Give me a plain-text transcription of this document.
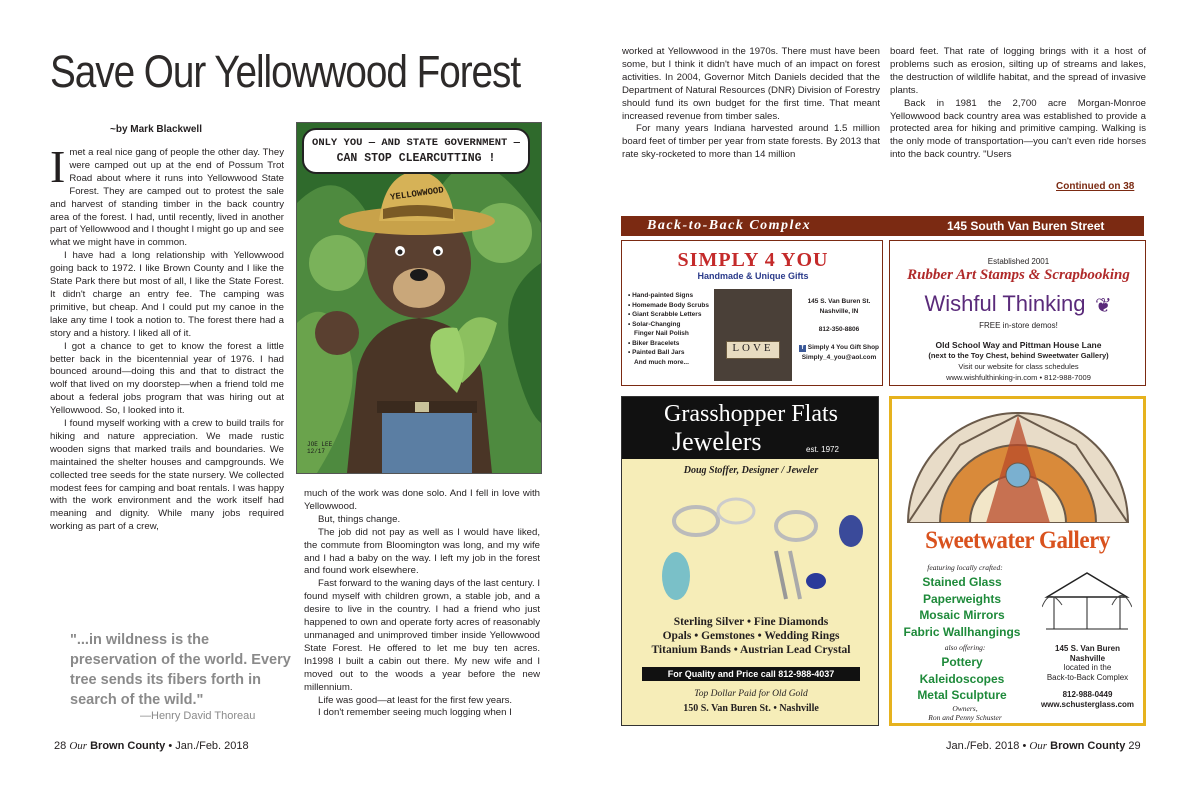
Save Our Yellowwood Forest
~by Mark Blackwell

Imet a real nice gang of people the other day. They were camped out up at the end of Possum Trot Road about where it runs into Yellowwood State Forest. They are camped out to protest the sale and harvest of standing timber in the back country area of the forest. I had, until recently, lived in another part of Yellowwood and I thought I might go up and see what we might have in common.

I have had a long relationship with Yellowwood going back to 1972. I like Brown County and I like the State Park there but most of all, I like the State Forest. It didn't charge an entry fee. The camping was primitive, but cheap. And I could put my canoe in the lake any time I took a notion to. The forest there had a story and a history. I liked all of it.

I got a chance to get to know the forest a little better back in the bicentennial year of 1976. I had bounced around—doing this and that to distract the wolf that lived on my doorstep—when a friend told me about a federal jobs program that was hiring out at Yellowwood. So, I looked into it.

I found myself working with a crew to build trails for hiking and nature appreciation. We made rustic wooden signs that marked trails and boundaries. We maintained the shelter houses and campgrounds. We collected tree seeds for the state nursery. We collected modest fees for camping and boat rentals. I was happy with the work environment and the work itself had meaning and dignity. While many jobs required working as part of a crew,

"...in wildness is the preservation of the world. Every tree sends its fibers forth in search of the wild."
—Henry David Thoreau
YELLOWWOOD
JOE LEE 12/17
ONLY YOU — AND STATE GOVERNMENT —
CAN STOP CLEARCUTTING !

much of the work was done solo. And I fell in love with Yellowwood.

But, things change.

The job did not pay as well as I would have liked, the commute from Bloomington was long, and my wife and I had a baby on the way. I left my job in the forest and found work elsewhere.

Fast forward to the waning days of the last century. I found myself with children grown, a stable job, and a desire to live in the country. I had a friend who just happened to own and operate forty acres of reasonably unmanaged and unimproved timber inside Yellowwood State Forest. He offered to let me buy ten acres. In1998 I built a cabin out there. My new wife and I moved out to the woods a year before the new millennium.

Life was good—at least for the first few years.

I don't remember seeing much logging when I

28 Our Brown County • Jan./Feb. 2018

worked at Yellowwood in the 1970s. There must have been some, but I think it didn't have much of an impact on forest activities. In 2004, Governor Mitch Daniels decided that the Department of Natural Resources (DNR) Division of Forestry should fund its own budget for the first time. That meant increased revenue from timber sales.

For many years Indiana harvested around 1.5 million board feet of timber per year from state forests. By 2013 that rate sky-rocketed to more than 14 million

board feet. That rate of logging brings with it a host of problems such as erosion, silting up of streams and lakes, the destruction of wildlife habitat, and the spread of invasive plants.

Back in 1981 the 2,700 acre Morgan-Monroe Yellowwood back country area was established to provide a protected area for hiking and primitive camping. Walking is the only mode of transportation—you can't even ride horses into the back country. "Users

Continued on 38
Back-to-Back Complex	145 South Van Buren Street
SIMPLY 4 YOU
Handmade & Unique Gifts
• Hand-painted Signs
• Homemade Body Scrubs
• Giant Scrabble Letters
• Solar-Changing
Finger Nail Polish
• Biker Bracelets
• Painted Ball Jars
And much more...
LOVE
145 S. Van Buren St.
Nashville, IN
812-350-8806
f Simply 4 You Gift Shop
Simply_4_you@aol.com
Established 2001
Rubber Art Stamps & Scrapbooking
Wishful Thinking ❦
FREE in-store demos!
Old School Way and Pittman House Lane
(next to the Toy Chest, behind Sweetwater Gallery)
Visit our website for class schedules
www.wishfulthinking-in.com • 812-988-7009
Grasshopper Flats
Jewelers	est. 1972
Doug Stoffer, Designer / Jeweler
Sterling Silver • Fine Diamonds
Opals • Gemstones • Wedding Rings
Titanium Bands • Austrian Lead Crystal
For Quality and Price call 812-988-4037
Top Dollar Paid for Old Gold
150 S. Van Buren St. • Nashville
Sweetwater Gallery
featuring locally crafted:
Stained Glass
Paperweights
Mosaic Mirrors
Fabric Wallhangings
also offering:
Pottery
Kaleidoscopes
Metal Sculpture
Owners,
Ron and Penny Schuster
145 S. Van Buren
Nashville
located in the
Back-to-Back Complex
812-988-0449
www.schusterglass.com
Jan./Feb. 2018 • Our Brown County 29
